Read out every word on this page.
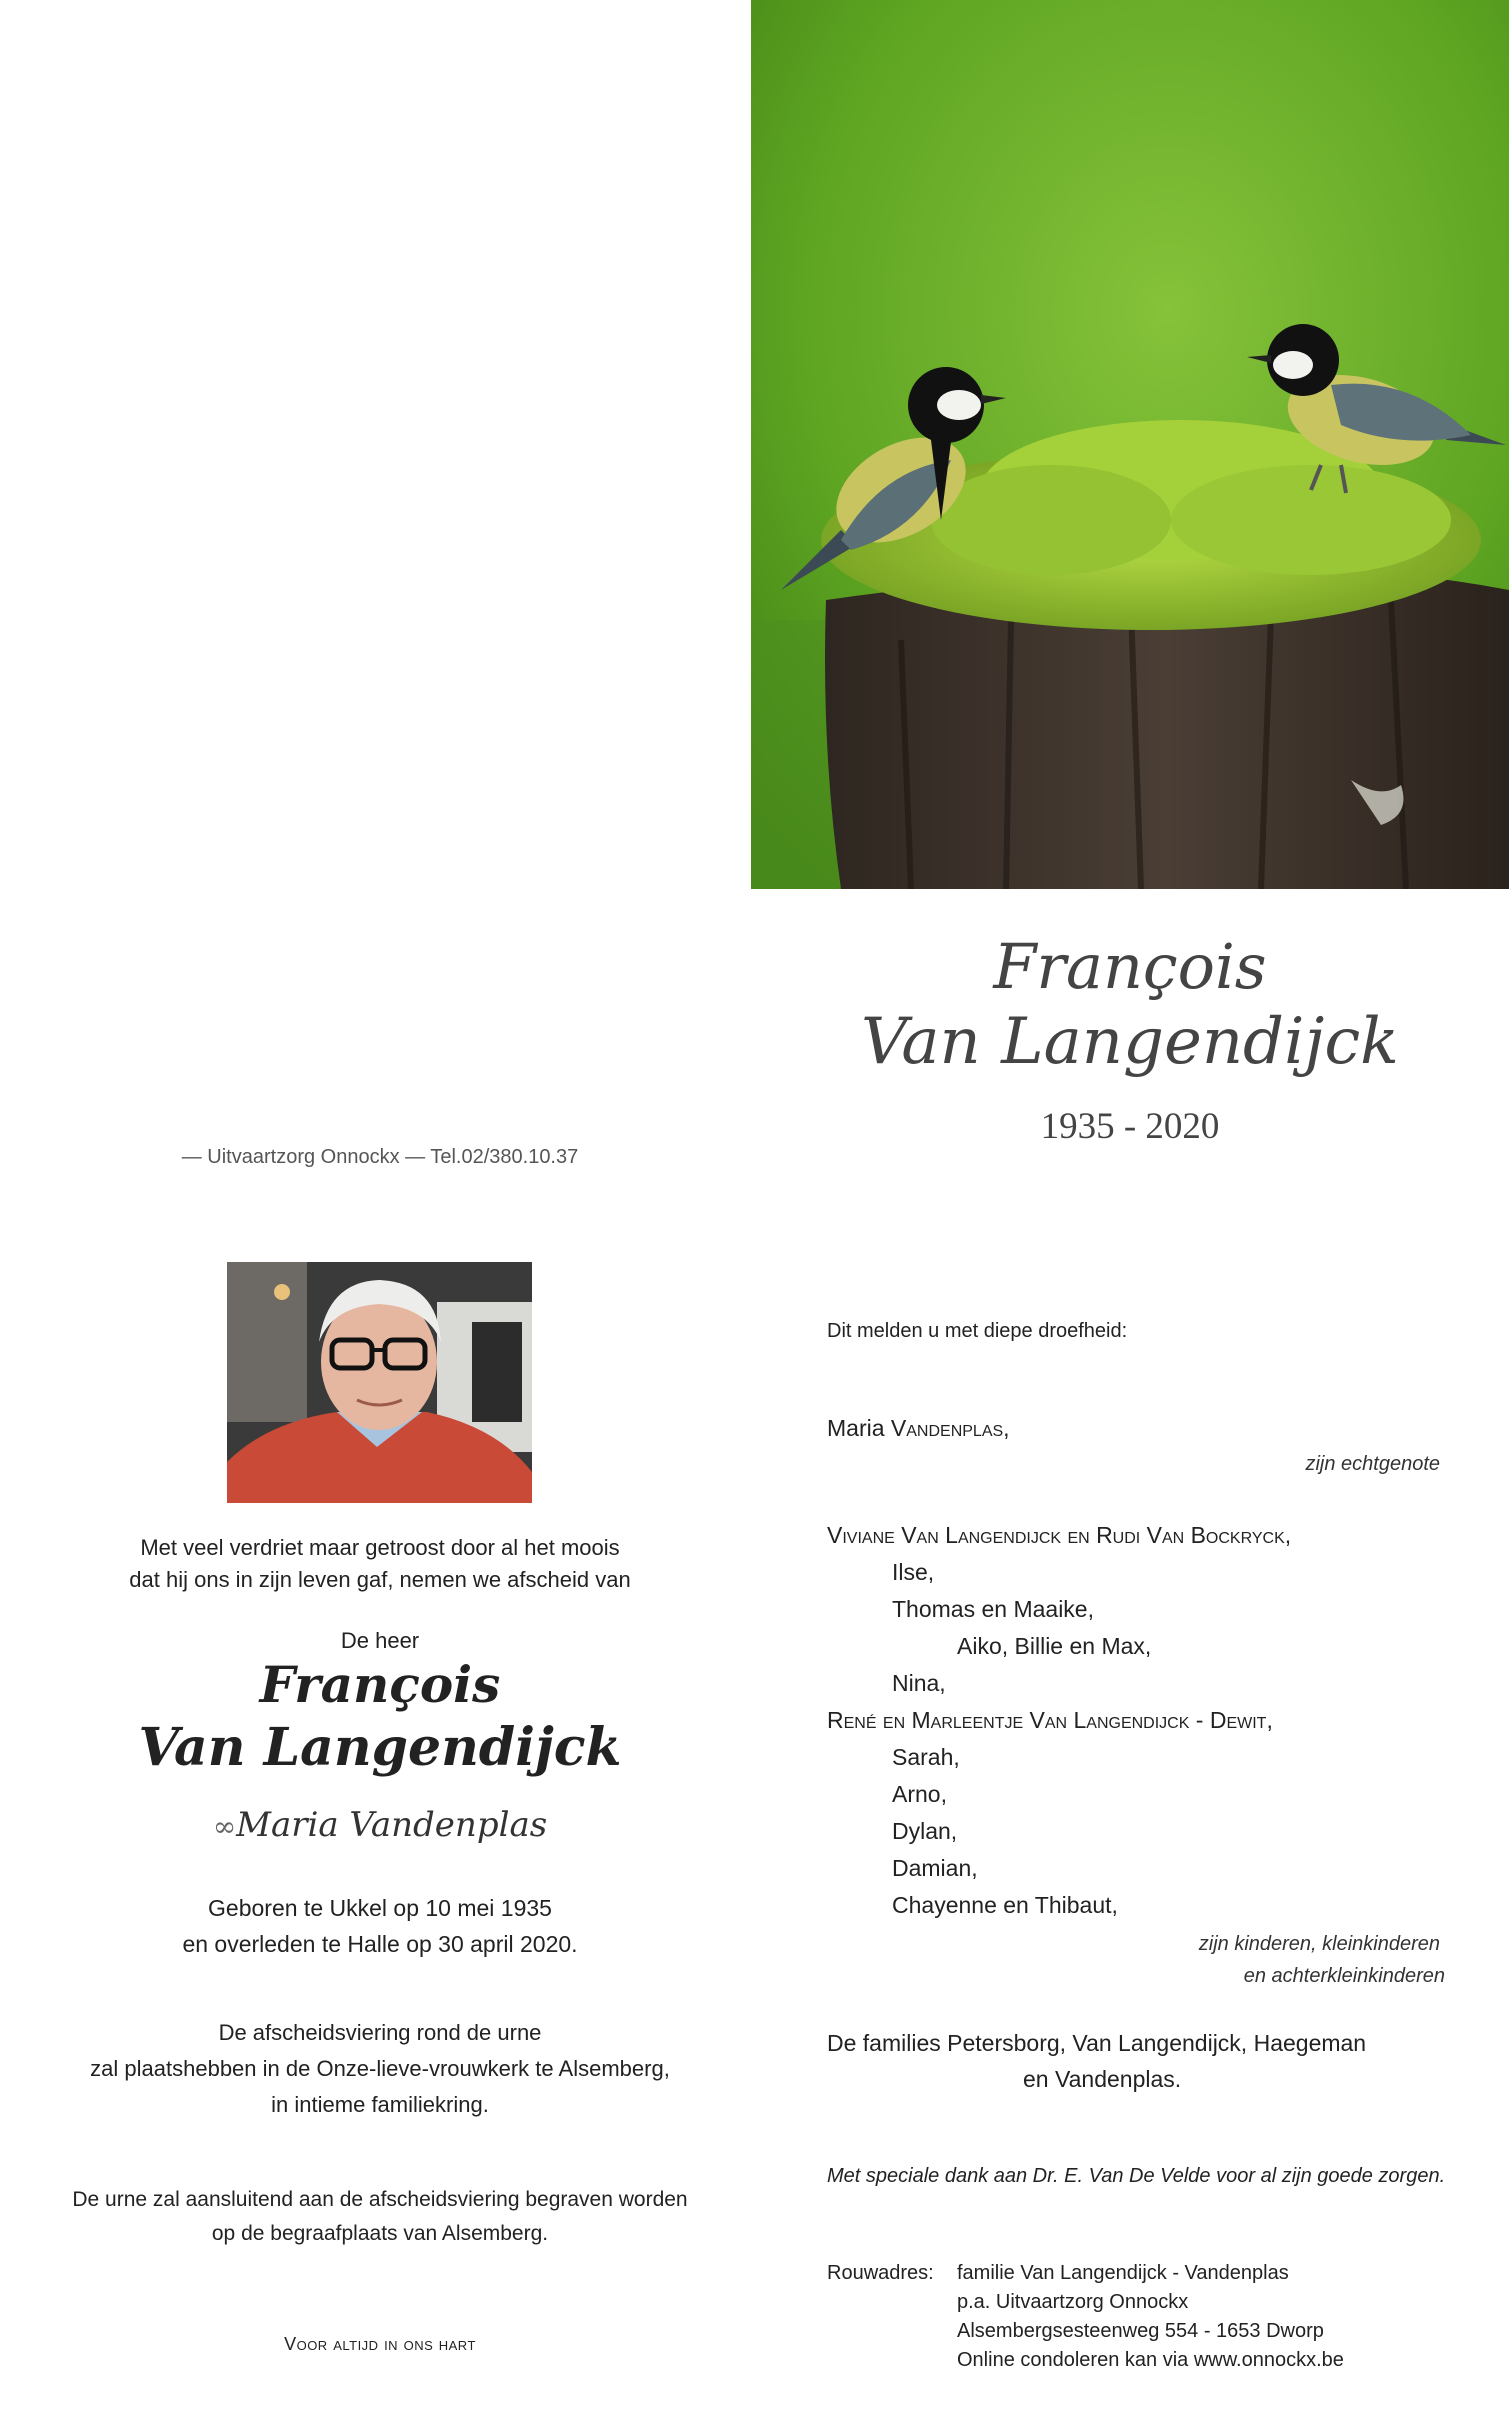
François
Van Langendijck
1935 - 2020
— Uitvaartzorg Onnockx — Tel.02/380.10.37
Met veel verdriet maar getroost door al het moois
dat hij ons in zijn leven gaf, nemen we afscheid van
De heer
François
Van Langendijck
∞Maria Vandenplas
Geboren te Ukkel op 10 mei 1935
en overleden te Halle op 30 april 2020.
De afscheidsviering rond de urne
zal plaatshebben in de Onze-lieve-vrouwkerk te Alsemberg,
in intieme familiekring.
De urne zal aansluitend aan de afscheidsviering begraven worden
op de begraafplaats van Alsemberg.
Voor altijd in ons hart
Dit melden u met diepe droefheid:
Maria Vandenplas,
zijn echtgenote
Viviane Van Langendijck en Rudi Van Bockryck,
Ilse,
Thomas en Maaike,
Aiko, Billie en Max,
Nina,
René en Marleentje Van Langendijck - Dewit,
Sarah,
Arno,
Dylan,
Damian,
Chayenne en Thibaut,
zijn kinderen, kleinkinderen
en achterkleinkinderen
De families Petersborg, Van Langendijck, Haegeman
en Vandenplas.
Met speciale dank aan Dr. E. Van De Velde voor al zijn goede zorgen.
Rouwadres: familie Van Langendijck - Vandenplas
p.a. Uitvaartzorg Onnockx
Alsembergsesteenweg 554 - 1653 Dworp
Online condoleren kan via www.onnockx.be
